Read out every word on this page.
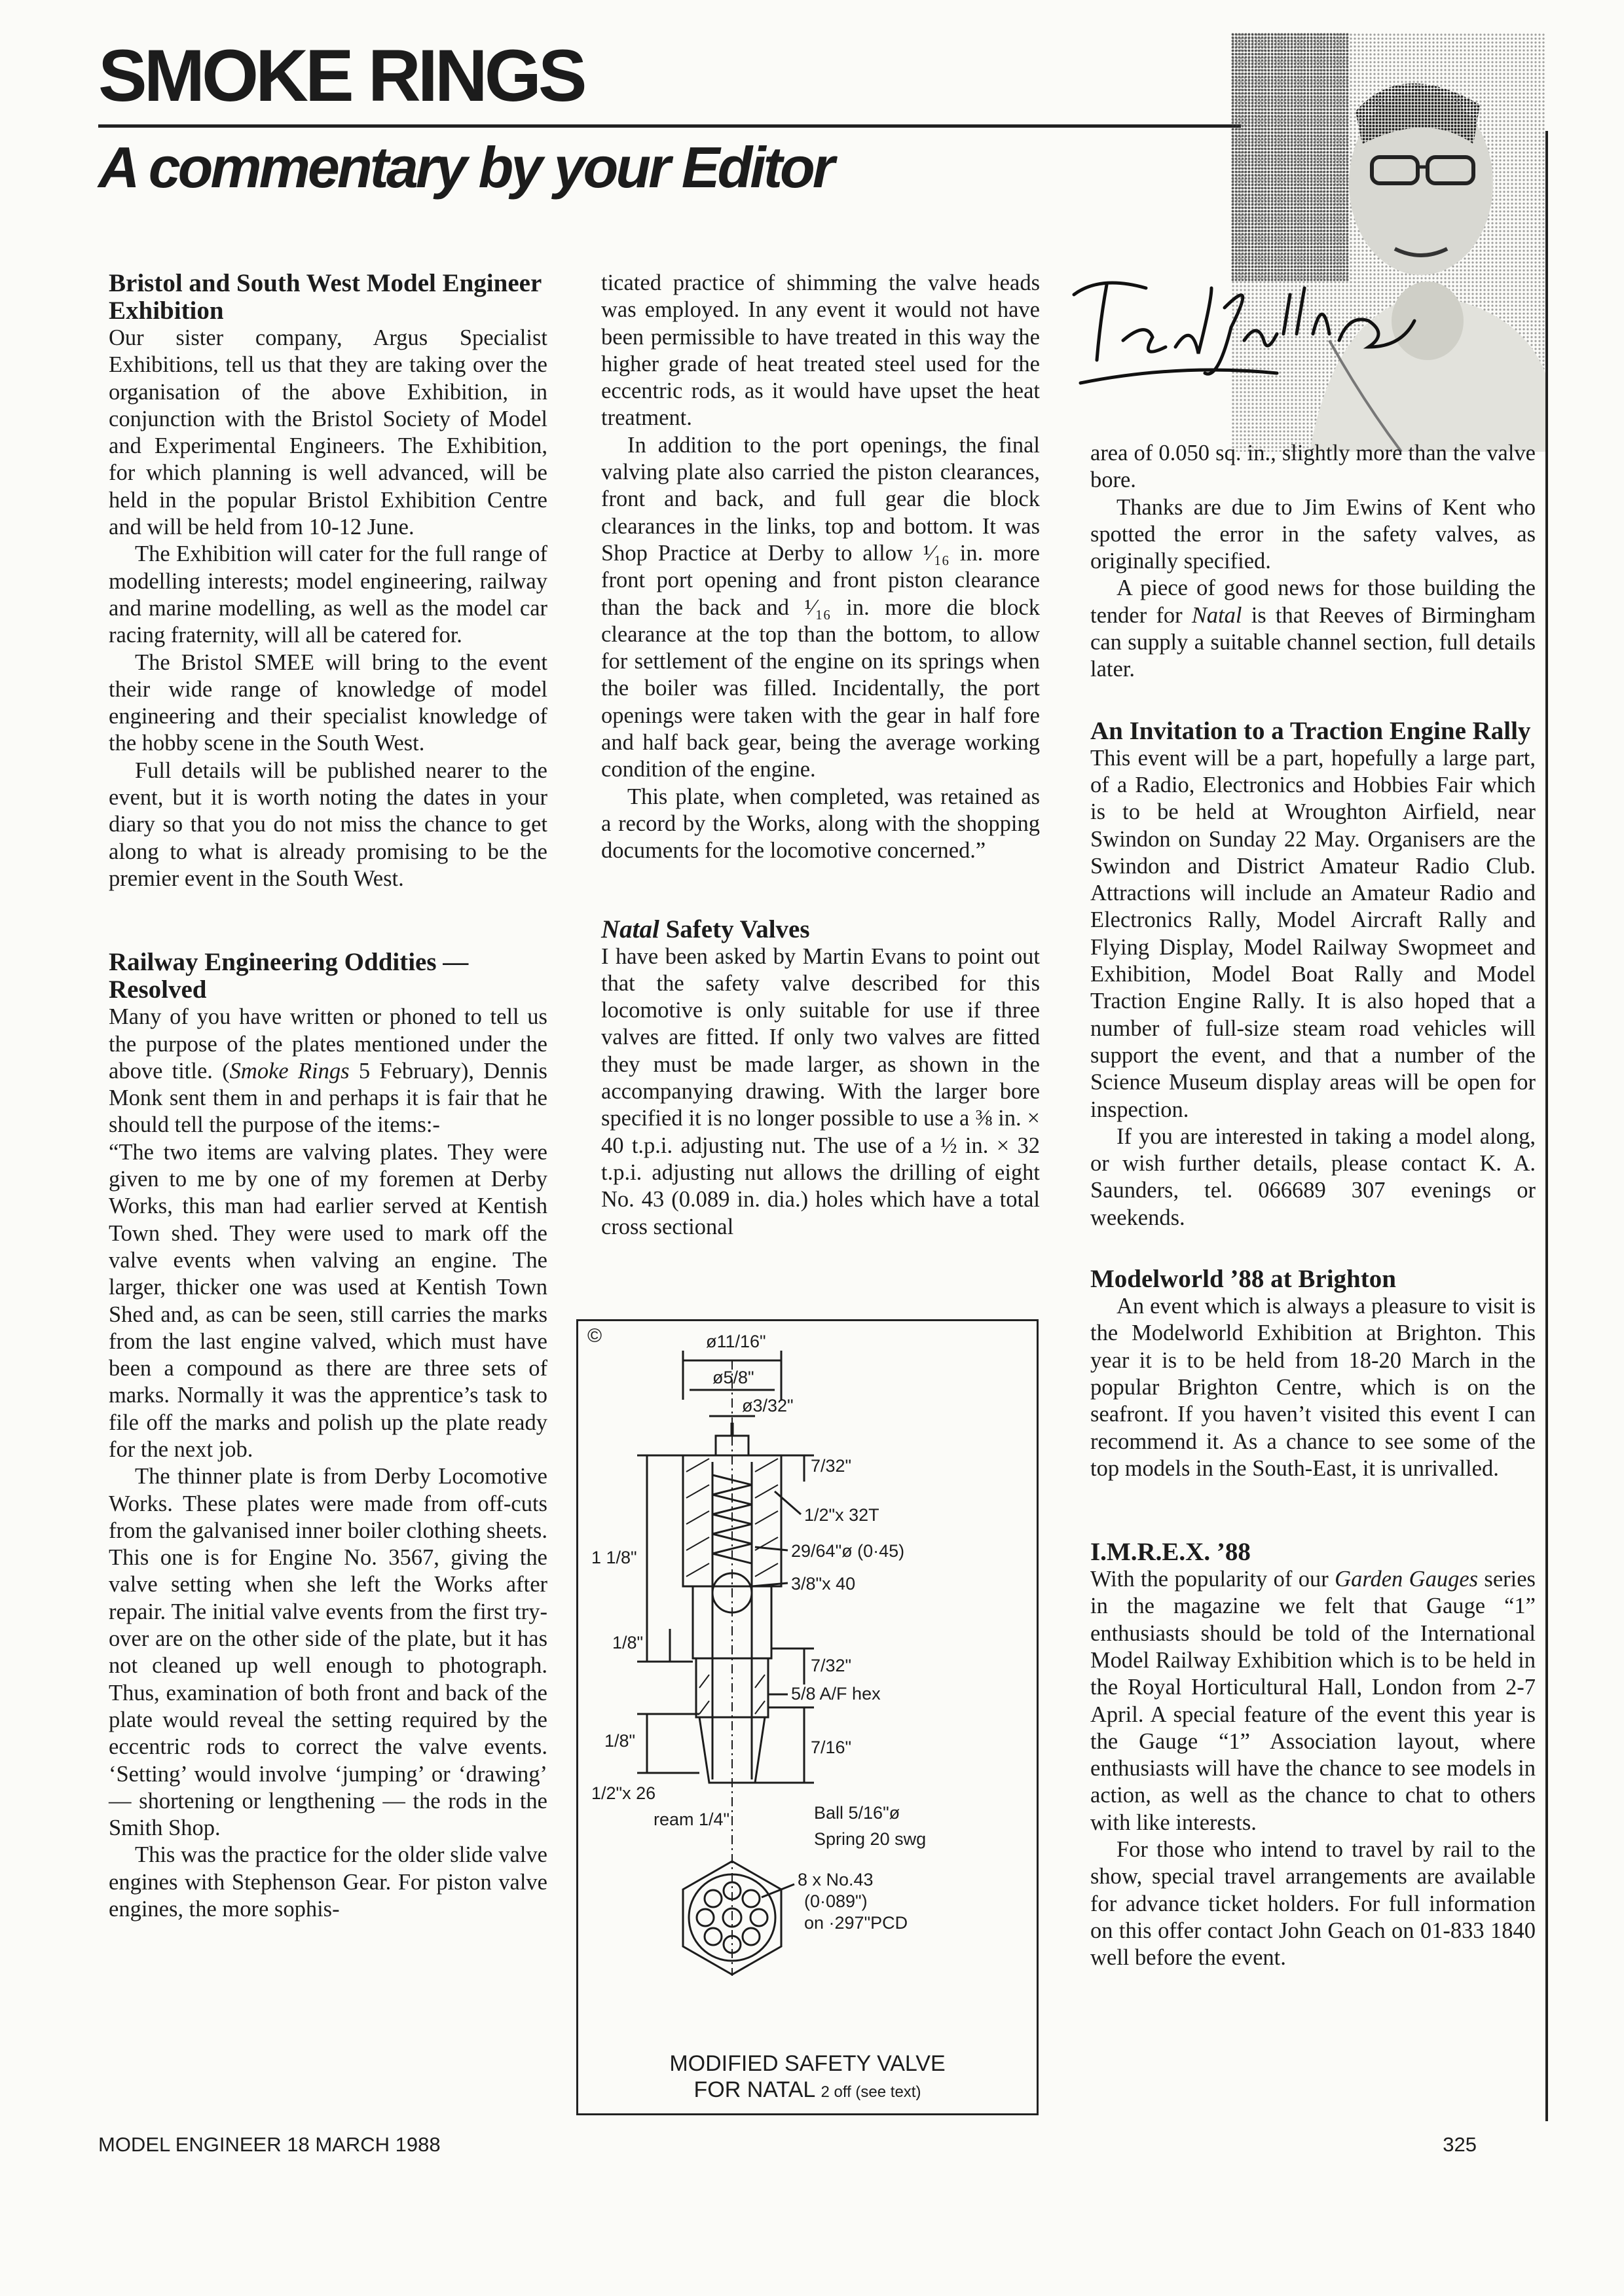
SMOKE RINGS
A commentary by your Editor
Bristol and South West Model Engineer Exhibition

Our sister company, Argus Specialist Exhibitions, tell us that they are taking over the organisation of the above Exhibition, in conjunction with the Bristol Society of Model and Experimental Engineers. The Exhibition, for which planning is well advanced, will be held in the popular Bristol Exhibition Centre and will be held from 10-12 June.

The Exhibition will cater for the full range of modelling interests; model engineering, railway and marine modelling, as well as the model car racing fraternity, will all be catered for.

The Bristol SMEE will bring to the event their wide range of knowledge of model engineering and their specialist knowledge of the hobby scene in the South West.

Full details will be published nearer to the event, but it is worth noting the dates in your diary so that you do not miss the chance to get along to what is already promising to be the premier event in the South West.

Railway Engineering Oddities — Resolved

Many of you have written or phoned to tell us the purpose of the plates mentioned under the above title. (Smoke Rings 5 February), Dennis Monk sent them in and perhaps it is fair that he should tell the purpose of the items:-

“The two items are valving plates. They were given to me by one of my foremen at Derby Works, this man had earlier served at Kentish Town shed. They were used to mark off the valve events when valving an engine. The larger, thicker one was used at Kentish Town Shed and, as can be seen, still carries the marks from the last engine valved, which must have been a compound as there are three sets of marks. Normally it was the apprentice’s task to file off the marks and polish up the plate ready for the next job.

The thinner plate is from Derby Locomotive Works. These plates were made from off-cuts from the galvanised inner boiler clothing sheets. This one is for Engine No. 3567, giving the valve setting when she left the Works after repair. The initial valve events from the first try-over are on the other side of the plate, but it has not cleaned up well enough to photograph. Thus, examination of both front and back of the plate would reveal the setting required by the eccentric rods to correct the valve events. ‘Setting’ would involve ‘jumping’ or ‘drawing’ — shortening or lengthening — the rods in the Smith Shop.

This was the practice for the older slide valve engines with Stephenson Gear. For piston valve engines, the more sophis-

ticated practice of shimming the valve heads was employed. In any event it would not have been permissible to have treated in this way the higher grade of heat treated steel used for the eccentric rods, as it would have upset the heat treatment.

In addition to the port openings, the final valving plate also carried the piston clearances, front and back, and full gear die block clearances in the links, top and bottom. It was Shop Practice at Derby to allow ¹⁄₁₆ in. more front port opening and front piston clearance than the back and ¹⁄₁₆ in. more die block clearance at the top than the bottom, to allow for settlement of the engine on its springs when the boiler was filled. Incidentally, the port openings were taken with the gear in half fore and half back gear, being the average working condition of the engine.

This plate, when completed, was retained as a record by the Works, along with the shopping documents for the locomotive concerned.”

Natal Safety Valves

I have been asked by Martin Evans to point out that the safety valve described for this locomotive is only suitable for use if three valves are fitted. If only two valves are fitted they must be made larger, as shown in the accompanying drawing. With the larger bore specified it is no longer possible to use a ⅜ in. × 40 t.p.i. adjusting nut. The use of a ½ in. × 32 t.p.i. adjusting nut allows the drilling of eight No. 43 (0.089 in. dia.) holes which have a total cross sectional

area of 0.050 sq. in., slightly more than the valve bore.

Thanks are due to Jim Ewins of Kent who spotted the error in the safety valves, as originally specified.

A piece of good news for those building the tender for Natal is that Reeves of Birmingham can supply a suitable channel section, full details later.

An Invitation to a Traction Engine Rally

This event will be a part, hopefully a large part, of a Radio, Electronics and Hobbies Fair which is to be held at Wroughton Airfield, near Swindon on Sunday 22 May. Organisers are the Swindon and District Amateur Radio Club. Attractions will include an Amateur Radio and Electronics Rally, Model Aircraft Rally and Flying Display, Model Railway Swopmeet and Exhibition, Model Boat Rally and Model Traction Engine Rally. It is also hoped that a number of full-size steam road vehicles will support the event, and that a number of the Science Museum display areas will be open for inspection.

If you are interested in taking a model along, or wish further details, please contact K. A. Saunders, tel. 066689 307 evenings or weekends.

Modelworld ’88 at Brighton

An event which is always a pleasure to visit is the Modelworld Exhibition at Brighton. This year it is to be held from 18-20 March in the popular Brighton Centre, which is on the seafront. If you haven’t visited this event I can recommend it. As a chance to see some of the top models in the South-East, it is unrivalled.

I.M.R.E.X. ’88

With the popularity of our Garden Gauges series in the magazine we felt that Gauge “1” enthusiasts should be told of the International Model Railway Exhibition which is to be held in the Royal Horticultural Hall, London from 2-7 April. A special feature of the event this year is the Gauge “1” Association layout, where enthusiasts will have the chance to see models in action, as well as the chance to chat to others with like interests.

For those who intend to travel by rail to the show, special travel arrangements are available for advance ticket holders. For full information on this offer contact John Geach on 01-833 1840 well before the event.

©	ø11/16"
ø5/8"
ø3/32"
7/32"
1/2"x 32T
29/64"ø (0·45)
3/8"x 40
1 1/8"
1/8"
7/32"
5/8 A/F hex
1/8"
1/2"x 26
7/16"
ream 1/4"	Ball 5/16"ø
Spring 20 swg
8 x No.43
(0·089")
on ·297"PCD
MODIFIED SAFETY VALVE
FOR NATAL 2 off (see text)
MODEL ENGINEER 18 MARCH 1988	325
